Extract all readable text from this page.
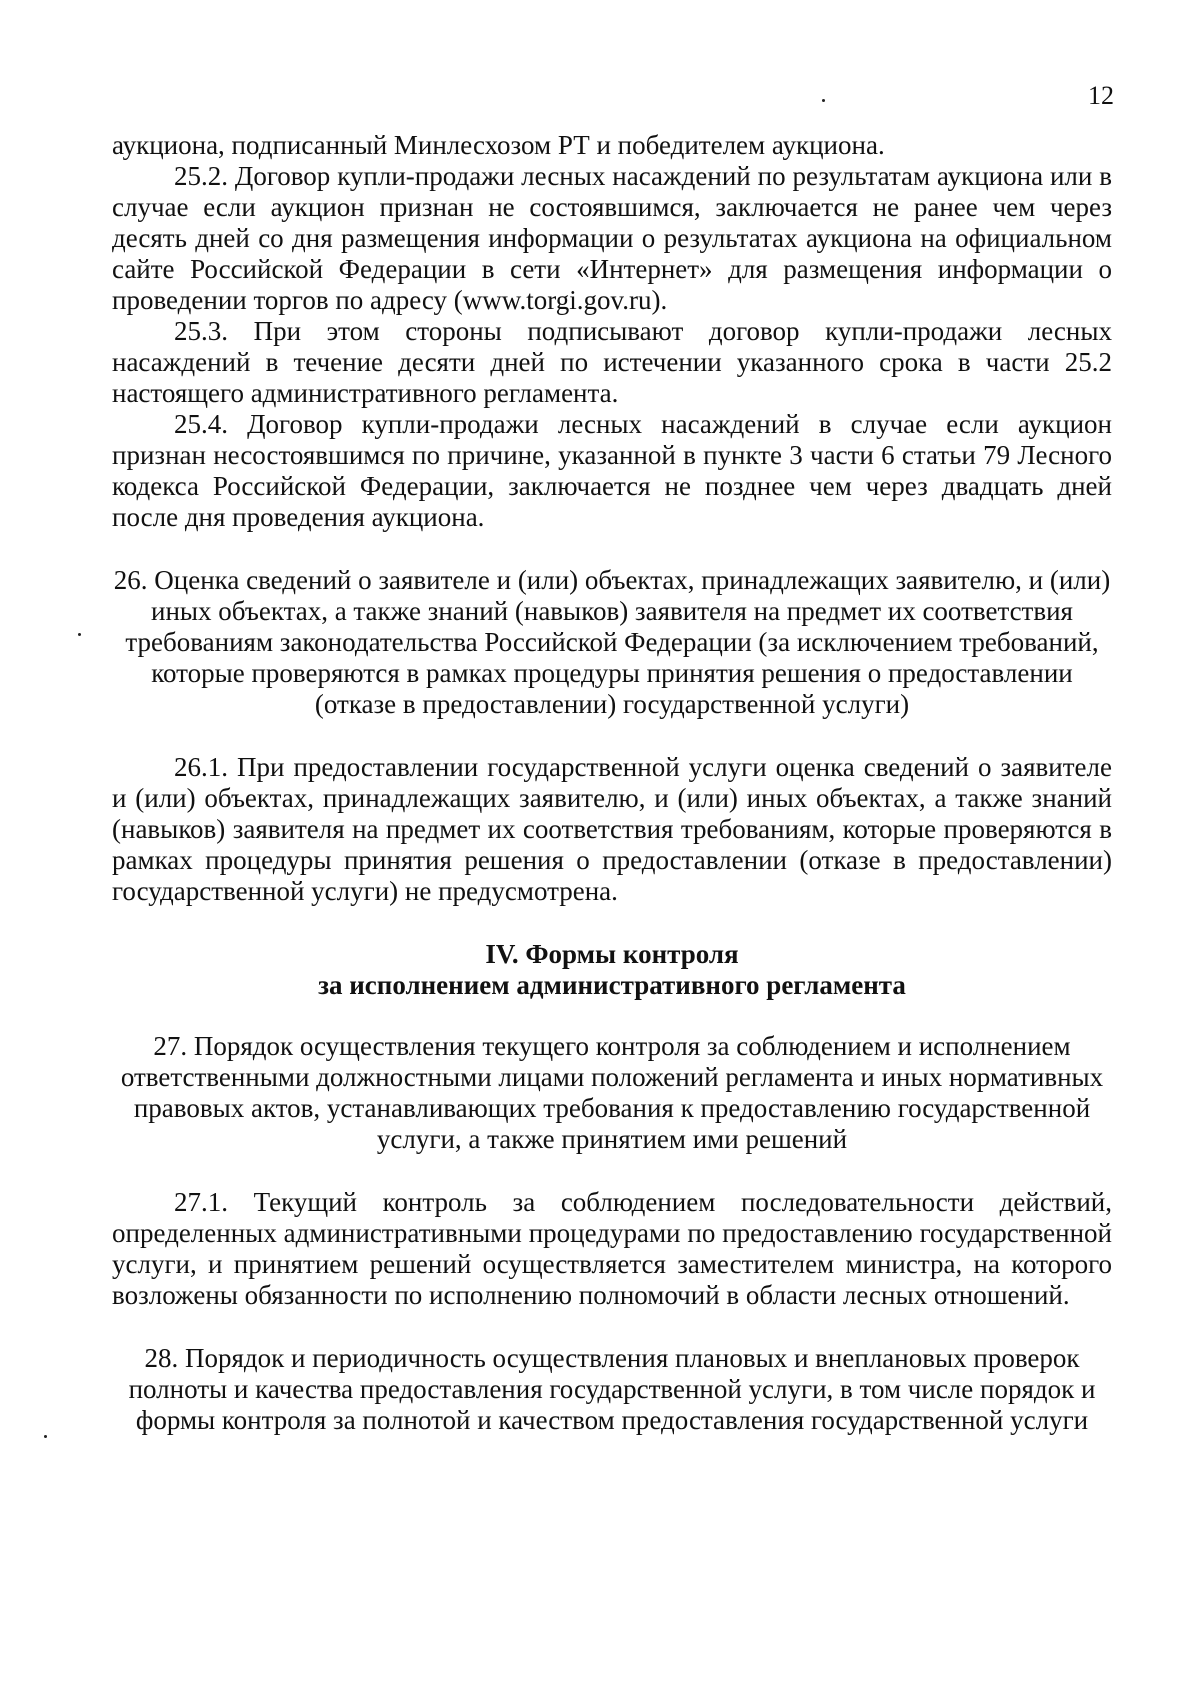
12

аукциона, подписанный Минлесхозом РТ и победителем аукциона.

25.2. Договор купли-продажи лесных насаждений по результатам аукциона или в случае если аукцион признан не состоявшимся, заключается не ранее чем через десять дней со дня размещения информации о результатах аукциона на официальном сайте Российской Федерации в сети «Интернет» для размещения информации о проведении торгов по адресу (www.torgi.gov.ru).

25.3. При этом стороны подписывают договор купли-продажи лесных насаждений в течение десяти дней по истечении указанного срока в части 25.2 настоящего административного регламента.

25.4. Договор купли-продажи лесных насаждений в случае если аукцион признан несостоявшимся по причине, указанной в пункте 3 части 6 статьи 79 Лесного кодекса Российской Федерации, заключается не позднее чем через двадцать дней после дня проведения аукциона.

26. Оценка сведений о заявителе и (или) объектах, принадлежащих заявителю, и (или) иных объектах, а также знаний (навыков) заявителя на предмет их соответствия требованиям законодательства Российской Федерации (за исключением требований, которые проверяются в рамках процедуры принятия решения о предоставлении (отказе в предоставлении) государственной услуги)

26.1. При предоставлении государственной услуги оценка сведений о заявителе и (или) объектах, принадлежащих заявителю, и (или) иных объектах, а также знаний (навыков) заявителя на предмет их соответствия требованиям, которые проверяются в рамках процедуры принятия решения о предоставлении (отказе в предоставлении) государственной услуги) не предусмотрена.

IV. Формы контроля

за исполнением административного регламента

27. Порядок осуществления текущего контроля за соблюдением и исполнением ответственными должностными лицами положений регламента и иных нормативных правовых актов, устанавливающих требования к предоставлению государственной услуги, а также принятием ими решений

27.1. Текущий контроль за соблюдением последовательности действий, определенных административными процедурами по предоставлению государственной услуги, и принятием решений осуществляется заместителем министра, на которого возложены обязанности по исполнению полномочий в области лесных отношений.

28. Порядок и периодичность осуществления плановых и внеплановых проверок полноты и качества предоставления государственной услуги, в том числе порядок и формы контроля за полнотой и качеством предоставления государственной услуги
